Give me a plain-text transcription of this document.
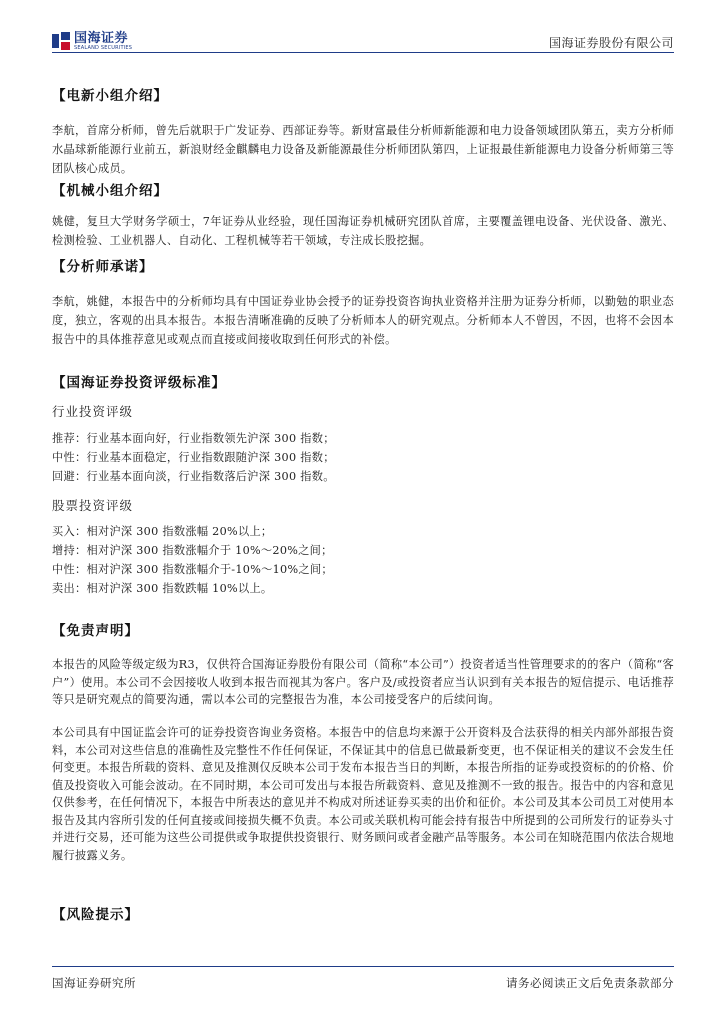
国海证券
SEALAND SECURITIES	国海证券股份有限公司
【电新小组介绍】
李航，首席分析师，曾先后就职于广发证券、西部证券等。新财富最佳分析师新能源和电力设备领域团队第五，卖方分析师水晶球新能源行业前五，新浪财经金麒麟电力设备及新能源最佳分析师团队第四，上证报最佳新能源电力设备分析师第三等团队核心成员。
【机械小组介绍】
姚健，复旦大学财务学硕士，7年证券从业经验，现任国海证券机械研究团队首席，主要覆盖锂电设备、光伏设备、激光、检测检验、工业机器人、自动化、工程机械等若干领域，专注成长股挖掘。
【分析师承诺】
李航，姚健，本报告中的分析师均具有中国证券业协会授予的证券投资咨询执业资格并注册为证券分析师，以勤勉的职业态度，独立，客观的出具本报告。本报告清晰准确的反映了分析师本人的研究观点。分析师本人不曾因，不因，也将不会因本报告中的具体推荐意见或观点而直接或间接收取到任何形式的补偿。
【国海证券投资评级标准】
行业投资评级
推荐：行业基本面向好，行业指数领先沪深 300 指数；
中性：行业基本面稳定，行业指数跟随沪深 300 指数；
回避：行业基本面向淡，行业指数落后沪深 300 指数。
股票投资评级
买入：相对沪深 300 指数涨幅 20%以上；
增持：相对沪深 300 指数涨幅介于 10%～20%之间；
中性：相对沪深 300 指数涨幅介于-10%～10%之间；
卖出：相对沪深 300 指数跌幅 10%以上。
【免责声明】
本报告的风险等级定级为R3，仅供符合国海证券股份有限公司（简称“本公司”）投资者适当性管理要求的的客户（简称“客户”）使用。本公司不会因接收人收到本报告而视其为客户。客户及/或投资者应当认识到有关本报告的短信提示、电话推荐等只是研究观点的简要沟通，需以本公司的完整报告为准，本公司接受客户的后续问询。
本公司具有中国证监会许可的证券投资咨询业务资格。本报告中的信息均来源于公开资料及合法获得的相关内部外部报告资料，本公司对这些信息的准确性及完整性不作任何保证，不保证其中的信息已做最新变更，也不保证相关的建议不会发生任何变更。本报告所载的资料、意见及推测仅反映本公司于发布本报告当日的判断，本报告所指的证券或投资标的的价格、价值及投资收入可能会波动。在不同时期，本公司可发出与本报告所载资料、意见及推测不一致的报告。报告中的内容和意见仅供参考，在任何情况下，本报告中所表达的意见并不构成对所述证券买卖的出价和征价。本公司及其本公司员工对使用本报告及其内容所引发的任何直接或间接损失概不负责。本公司或关联机构可能会持有报告中所提到的公司所发行的证券头寸并进行交易，还可能为这些公司提供或争取提供投资银行、财务顾问或者金融产品等服务。本公司在知晓范围内依法合规地履行披露义务。
【风险提示】
国海证券研究所	请务必阅读正文后免责条款部分
